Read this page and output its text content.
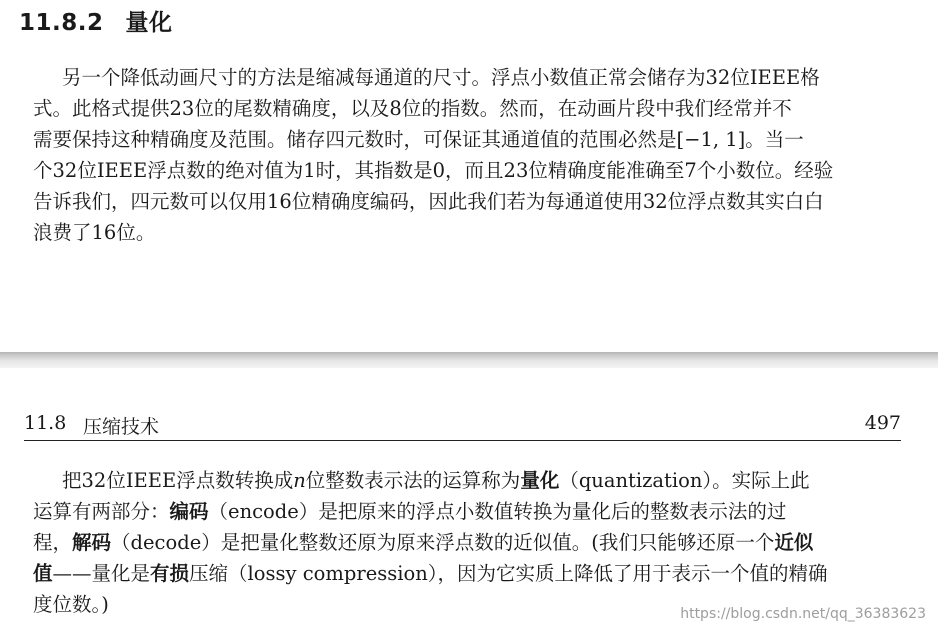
11.8.2 量化
另一个降低动画尺寸的方法是缩减每通道的尺寸。浮点小数值正常会储存为32位IEEE格
式。此格式提供23位的尾数精确度，以及8位的指数。然而，在动画片段中我们经常并不
需要保持这种精确度及范围。储存四元数时，可保证其通道值的范围必然是[−1, 1]。当一
个32位IEEE浮点数的绝对值为1时，其指数是0，而且23位精确度能准确至7个小数位。经验
告诉我们，四元数可以仅用16位精确度编码，因此我们若为每通道使用32位浮点数其实白白
浪费了16位。
11.8 压缩技术	497
把32位IEEE浮点数转换成n位整数表示法的运算称为量化（quantization）。实际上此
运算有两部分：编码（encode）是把原来的浮点小数值转换为量化后的整数表示法的过
程，解码（decode）是把量化整数还原为原来浮点数的近似值。(我们只能够还原一个近似
值——量化是有损压缩（lossy compression），因为它实质上降低了用于表示一个值的精确
度位数。)	https://blog.csdn.net/qq_36383623
